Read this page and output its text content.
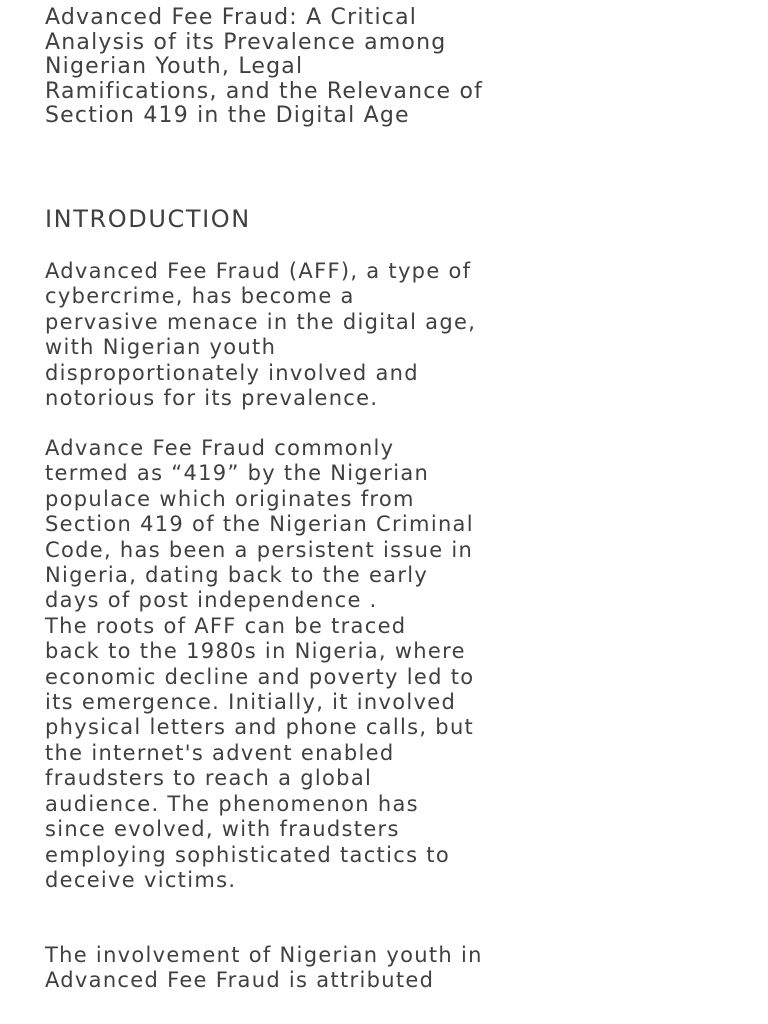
Advanced Fee Fraud: A Critical
Analysis of its Prevalence among
Nigerian Youth, Legal
Ramifications, and the Relevance of
Section 419 in the Digital Age
INTRODUCTION

Advanced Fee Fraud (AFF), a type of
cybercrime, has become a
pervasive menace in the digital age,
with Nigerian youth
disproportionately involved and
notorious for its prevalence.

Advance Fee Fraud commonly
termed as “419” by the Nigerian
populace which originates from
Section 419 of the Nigerian Criminal
Code, has been a persistent issue in
Nigeria, dating back to the early
days of post independence .
The roots of AFF can be traced
back to the 1980s in Nigeria, where
economic decline and poverty led to
its emergence. Initially, it involved
physical letters and phone calls, but
the internet's advent enabled
fraudsters to reach a global
audience. The phenomenon has
since evolved, with fraudsters
employing sophisticated tactics to
deceive victims.

The involvement of Nigerian youth in
Advanced Fee Fraud is attributed
